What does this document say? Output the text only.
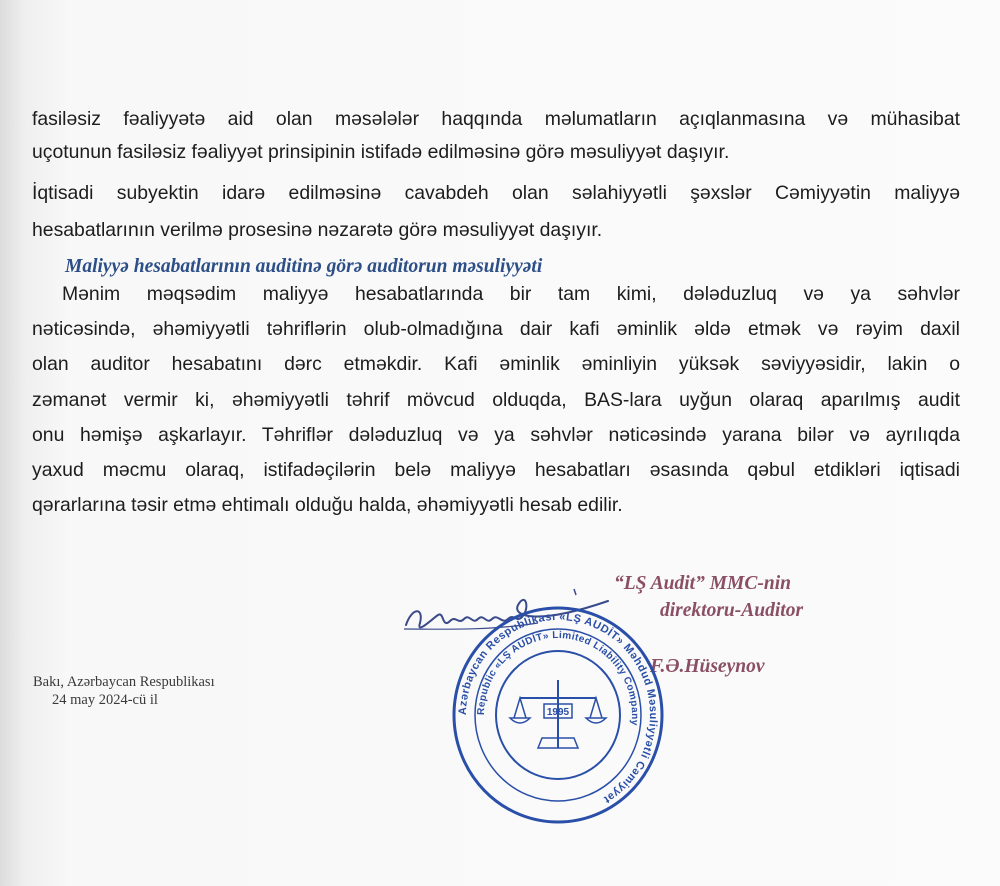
fasiləsiz fəaliyyətə aid olan məsələlər haqqında məlumatların açıqlanmasına və mühasibat

uçotunun fasiləsiz fəaliyyət prinsipinin istifadə edilməsinə görə məsuliyyət daşıyır.

İqtisadi subyektin idarə edilməsinə cavabdeh olan səlahiyyətli şəxslər Cəmiyyətin maliyyə

hesabatlarının verilmə prosesinə nəzarətə görə məsuliyyət daşıyır.

Maliyyə hesabatlarının auditinə görə auditorun məsuliyyəti

Mənim məqsədim maliyyə hesabatlarında bir tam kimi, dələduzluq və ya səhvlər

nəticəsində, əhəmiyyətli təhriflərin olub-olmadığına dair kafi əminlik əldə etmək və rəyim daxil

olan auditor hesabatını dərc etməkdir. Kafi əminlik əminliyin yüksək səviyyəsidir, lakin o

zəmanət vermir ki, əhəmiyyətli təhrif mövcud olduqda, BAS-lara uyğun olaraq aparılmış audit

onu həmişə aşkarlayır. Təhriflər dələduzluq və ya səhvlər nəticəsində yarana bilər və ayrılıqda

yaxud məcmu olaraq, istifadəçilərin belə maliyyə hesabatları əsasında qəbul etdikləri iqtisadi

qərarlarına təsir etmə ehtimalı olduğu halda, əhəmiyyətli hesab edilir.

“LŞ Audit” MMC-nin
direktoru-Auditor
F.Ə.Hüseynov
Bakı, Azərbaycan Respublikası
24 may 2024-cü il
Azərbaycan Respublikası «LŞ AUDİT» Məhdud Məsuliyyətli Cəmiyyət
Republic «LŞ AUDİT» Limited Liability Company
1995
